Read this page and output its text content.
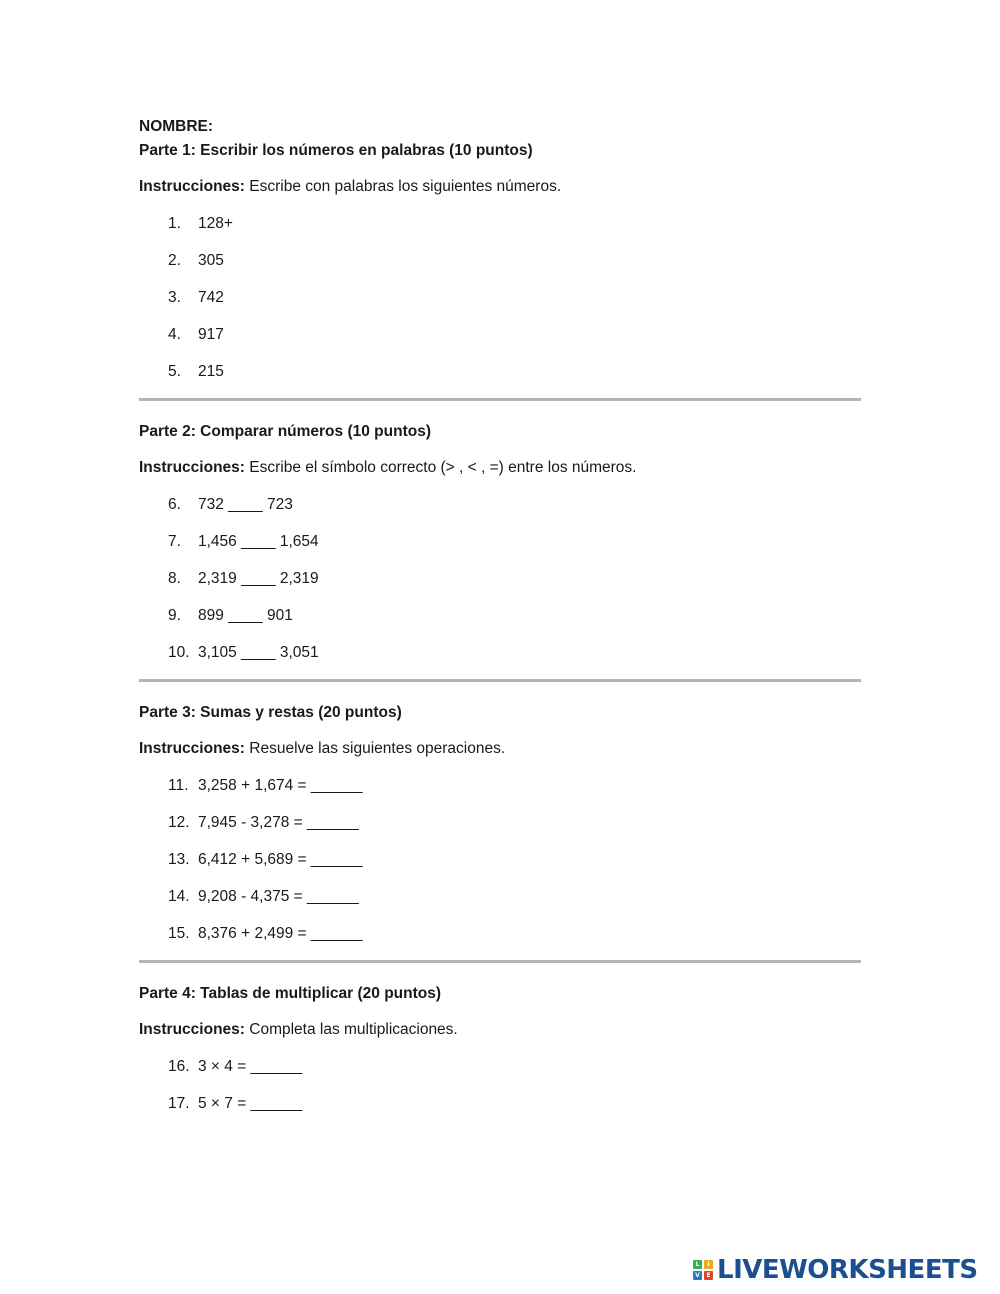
NOMBRE:
Parte 1: Escribir los números en palabras (10 puntos)
Instrucciones: Escribe con palabras los siguientes números.
1.	128+
2.	305
3.	742
4.	917
5.	215
Parte 2: Comparar números (10 puntos)
Instrucciones: Escribe el símbolo correcto (> , < , =) entre los números.
6.	732 ____ 723
7.	1,456 ____ 1,654
8.	2,319 ____ 2,319
9.	899 ____ 901
10. 3,105 ____ 3,051
Parte 3: Sumas y restas (20 puntos)
Instrucciones: Resuelve las siguientes operaciones.
11. 3,258 + 1,674 = ______
12. 7,945 - 3,278 = ______
13. 6,412 + 5,689 = ______
14. 9,208 - 4,375 = ______
15. 8,376 + 2,499 = ______
Parte 4: Tablas de multiplicar (20 puntos)
Instrucciones: Completa las multiplicaciones.
16. 3 × 4 = ______
17. 5 × 7 = ______
L	I
V	E LIVEWORKSHEETS
